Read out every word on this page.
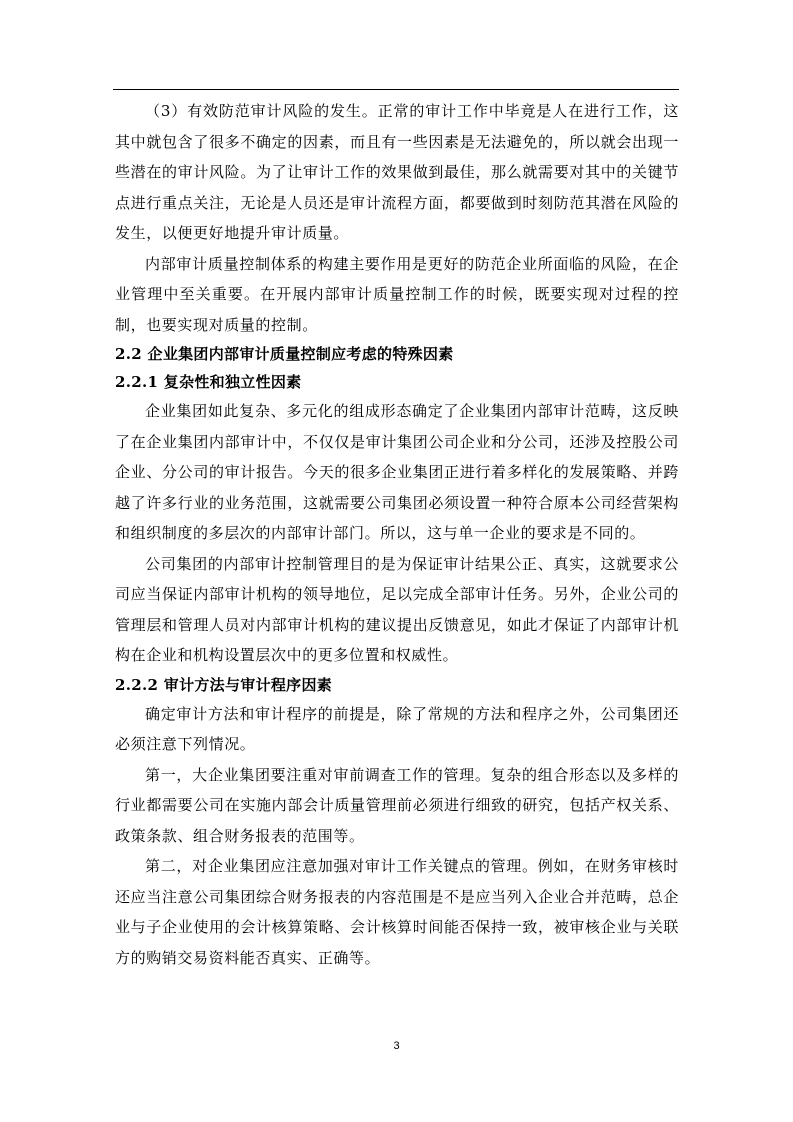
（3）有效防范审计风险的发生。正常的审计工作中毕竟是人在进行工作，这其中就包含了很多不确定的因素，而且有一些因素是无法避免的，所以就会出现一些潜在的审计风险。为了让审计工作的效果做到最佳，那么就需要对其中的关键节点进行重点关注，无论是人员还是审计流程方面，都要做到时刻防范其潜在风险的发生，以便更好地提升审计质量。

内部审计质量控制体系的构建主要作用是更好的防范企业所面临的风险，在企业管理中至关重要。在开展内部审计质量控制工作的时候，既要实现对过程的控制，也要实现对质量的控制。

2.2 企业集团内部审计质量控制应考虑的特殊因素
2.2.1 复杂性和独立性因素

企业集团如此复杂、多元化的组成形态确定了企业集团内部审计范畴，这反映了在企业集团内部审计中，不仅仅是审计集团公司企业和分公司，还涉及控股公司企业、分公司的审计报告。今天的很多企业集团正进行着多样化的发展策略、并跨越了许多行业的业务范围，这就需要公司集团必须设置一种符合原本公司经营架构和组织制度的多层次的内部审计部门。所以，这与单一企业的要求是不同的。

公司集团的内部审计控制管理目的是为保证审计结果公正、真实，这就要求公司应当保证内部审计机构的领导地位，足以完成全部审计任务。另外，企业公司的管理层和管理人员对内部审计机构的建议提出反馈意见，如此才保证了内部审计机构在企业和机构设置层次中的更多位置和权威性。

2.2.2 审计方法与审计程序因素

确定审计方法和审计程序的前提是，除了常规的方法和程序之外，公司集团还必须注意下列情况。

第一，大企业集团要注重对审前调查工作的管理。复杂的组合形态以及多样的行业都需要公司在实施内部会计质量管理前必须进行细致的研究，包括产权关系、政策条款、组合财务报表的范围等。

第二，对企业集团应注意加强对审计工作关键点的管理。例如，在财务审核时还应当注意公司集团综合财务报表的内容范围是不是应当列入企业合并范畴，总企业与子企业使用的会计核算策略、会计核算时间能否保持一致，被审核企业与关联方的购销交易资料能否真实、正确等。

3
